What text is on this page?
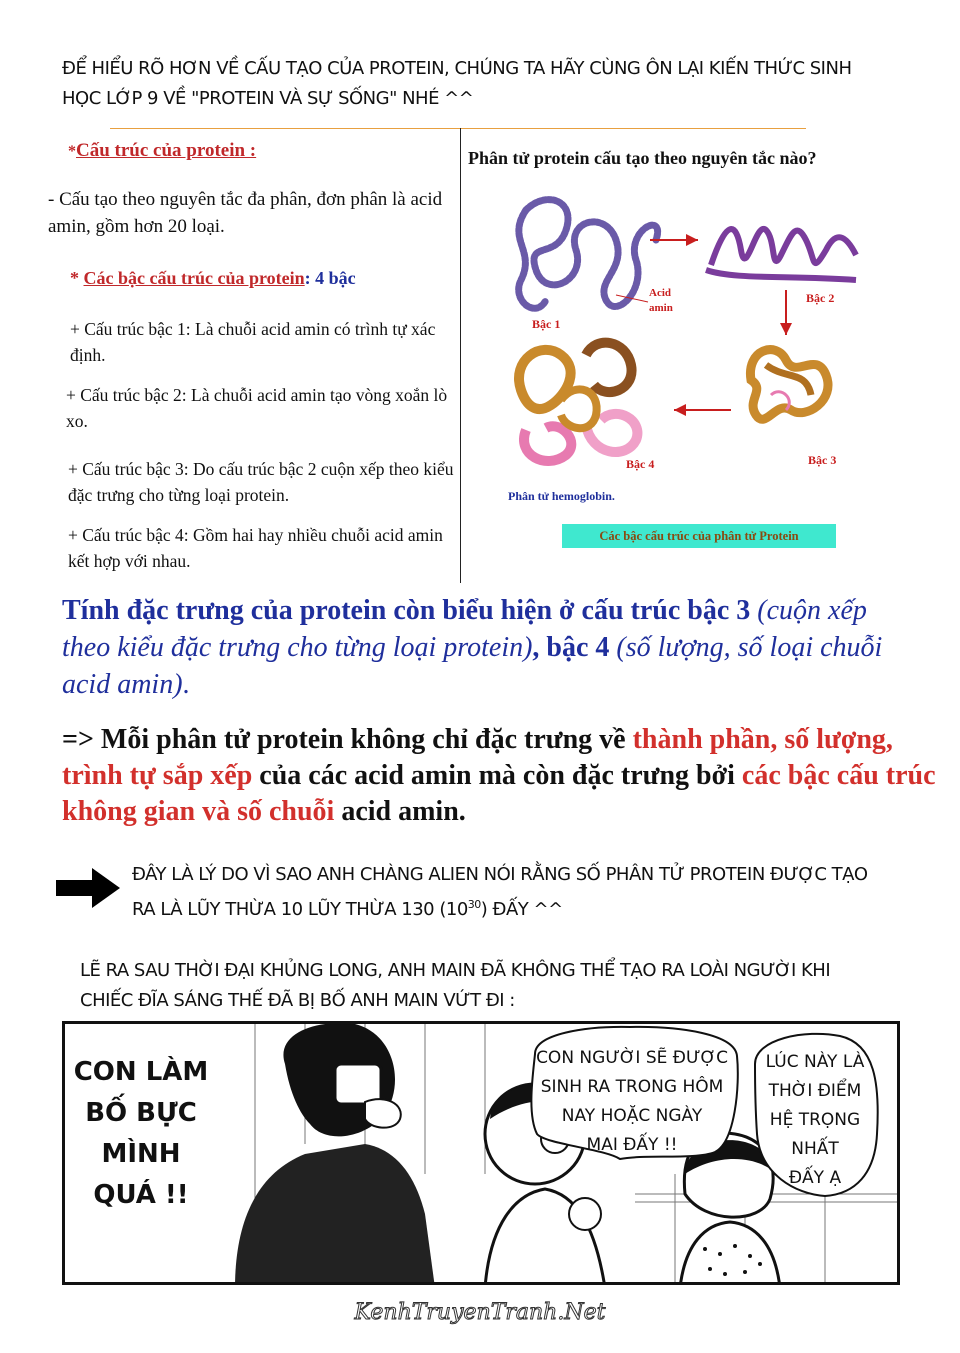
ĐỂ HIỂU RÕ HƠN VỀ CẤU TẠO CỦA PROTEIN, CHÚNG TA HÃY CÙNG ÔN LẠI KIẾN THỨC SINH
HỌC LỚP 9 VỀ "PROTEIN VÀ SỰ SỐNG" NHÉ ^^
*Cấu trúc của protein :
- Cấu tạo theo nguyên tắc đa phân, đơn phân là acid amin, gồm hơn 20 loại.
* Các bậc cấu trúc của protein: 4 bậc
+ Cấu trúc bậc 1: Là chuỗi acid amin có trình tự xác định.
+ Cấu trúc bậc 2: Là chuỗi acid amin tạo vòng xoắn lò xo.
+ Cấu trúc bậc 3: Do cấu trúc bậc 2 cuộn xếp theo kiểu đặc trưng cho từng loại protein.
+ Cấu trúc bậc 4: Gồm hai hay nhiều chuỗi acid amin kết hợp với nhau.
Phân tử protein cấu tạo theo nguyên tắc nào?
Acid
amin
Bậc 1
Bậc 2
Bậc 3
Bậc 4
Phân tử hemoglobin.
Các bậc cấu trúc của phân tử Protein
Tính đặc trưng của protein còn biểu hiện ở cấu trúc bậc 3 (cuộn xếp theo kiểu đặc trưng cho từng loại protein), bậc 4 (số lượng, số loại chuỗi acid amin).
=> Mỗi phân tử protein không chỉ đặc trưng về thành phần, số lượng, trình tự sắp xếp của các acid amin mà còn đặc trưng bởi các bậc cấu trúc không gian và số chuỗi acid amin.
ĐÂY LÀ LÝ DO VÌ SAO ANH CHÀNG ALIEN NÓI RẰNG SỐ PHÂN TỬ PROTEIN ĐƯỢC TẠO
RA LÀ LŨY THỪA 10 LŨY THỪA 130 $(10^{30})$ ĐẤY ^^
LẼ RA SAU THỜI ĐẠI KHỦNG LONG, ANH MAIN ĐÃ KHÔNG THỂ TẠO RA LOÀI NGƯỜI KHI
CHIẾC ĐĨA SÁNG THẾ ĐÃ BỊ BỐ ANH MAIN VỨT ĐI :
CON LÀM
BỐ BỰC
MÌNH
QUÁ !!
CON NGƯỜI SẼ ĐƯỢC
SINH RA TRONG HÔM
NAY HOẶC NGÀY
MAI ĐẤY !!
LÚC NÀY LÀ
THỜI ĐIỂM
HỆ TRỌNG
NHẤT
ĐẤY Ạ
KenhTruyenTranh.Net
